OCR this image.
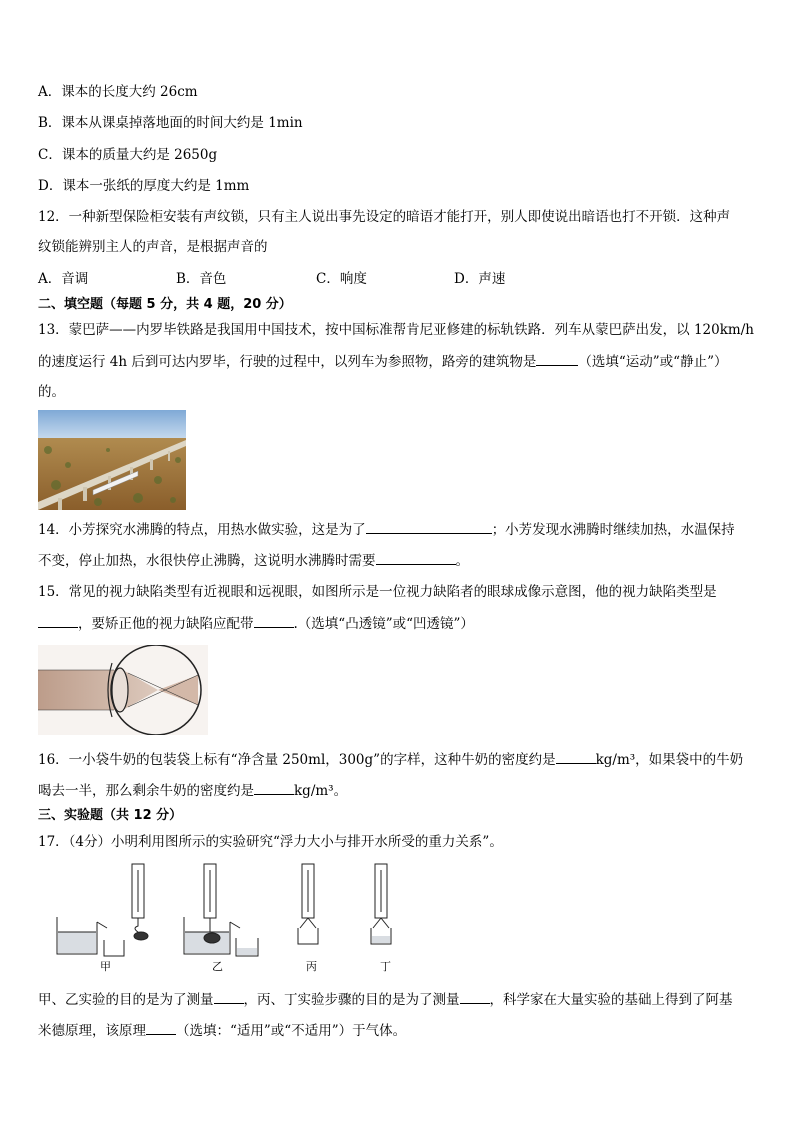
A．课本的长度大约 26cm
B．课本从课桌掉落地面的时间大约是 1min
C．课本的质量大约是 2650g
D．课本一张纸的厚度大约是 1mm
12．一种新型保险柜安装有声纹锁，只有主人说出事先设定的暗语才能打开，别人即使说出暗语也打不开锁．这种声
纹锁能辨别主人的声音，是根据声音的
A．音调	B．音色	C．响度	D．声速
二、填空题（每题 5 分，共 4 题，20 分）
13．蒙巴萨——内罗毕铁路是我国用中国技术，按中国标准帮肯尼亚修建的标轨铁路．列车从蒙巴萨出发，以 120km/h
的速度运行 4h 后到可达内罗毕，行驶的过程中，以列车为参照物，路旁的建筑物是	（选填“运动”或“静止”）
的。
14．小芳探究水沸腾的特点，用热水做实验，这是为了	；小芳发现水沸腾时继续加热，水温保持
不变，停止加热，水很快停止沸腾，这说明水沸腾时需要	。
15．常见的视力缺陷类型有近视眼和远视眼，如图所示是一位视力缺陷者的眼球成像示意图，他的视力缺陷类型是
，要矫正他的视力缺陷应配带	.（选填“凸透镜”或“凹透镜”）
16．一小袋牛奶的包装袋上标有“净含量 250ml，300g”的字样，这种牛奶的密度约是	kg/m³，如果袋中的牛奶
喝去一半，那么剩余牛奶的密度约是	kg/m³。
三、实验题（共 12 分）
17．（4分）小明利用图所示的实验研究“浮力大小与排开水所受的重力关系”。
甲	乙	丙	丁
甲、乙实验的目的是为了测量 ，丙、丁实验步骤的目的是为了测量 ，科学家在大量实验的基础上得到了阿基
米德原理，该原理 （选填：“适用”或“不适用”）于气体。
